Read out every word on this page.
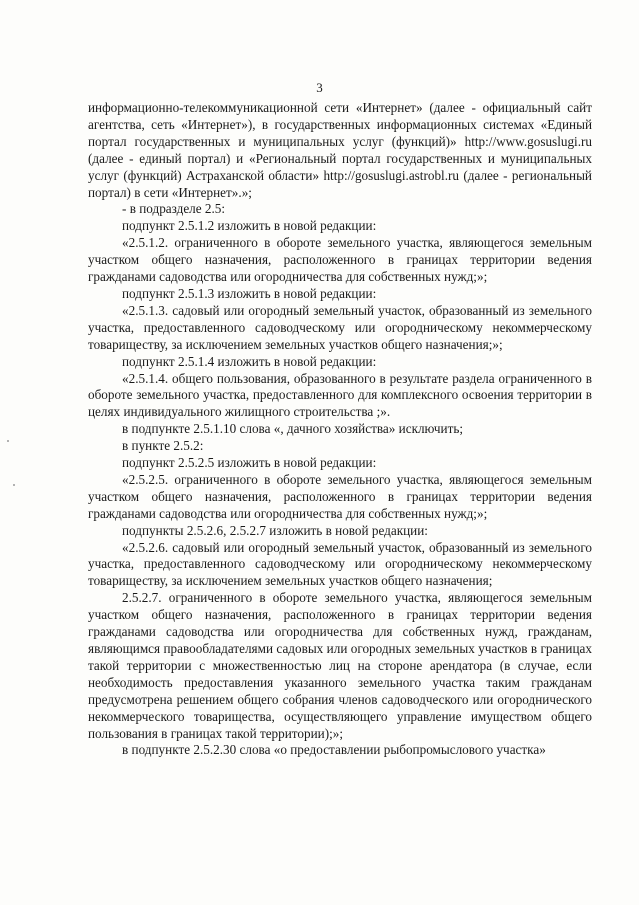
3

информационно-телекоммуникационной сети «Интернет» (далее - официальный сайт агентства, сеть «Интернет»), в государственных информационных системах «Единый портал государственных и муниципальных услуг (функций)» http://www.gosuslugi.ru (далее - единый портал) и «Региональный портал государственных и муниципальных услуг (функций) Астраханской области» http://gosuslugi.astrobl.ru (далее - региональный портал) в сети «Интернет».»;

- в подразделе 2.5:

подпункт 2.5.1.2 изложить в новой редакции:

«2.5.1.2. ограниченного в обороте земельного участка, являющегося земельным участком общего назначения, расположенного в границах территории ведения гражданами садоводства или огородничества для собственных нужд;»;

подпункт 2.5.1.3 изложить в новой редакции:

«2.5.1.3. садовый или огородный земельный участок, образованный из земельного участка, предоставленного садоводческому или огородническому некоммерческому товариществу, за исключением земельных участков общего назначения;»;

подпункт 2.5.1.4 изложить в новой редакции:

«2.5.1.4. общего пользования, образованного в результате раздела ограниченного в обороте земельного участка, предоставленного для комплексного освоения территории в целях индивидуального жилищного строительства ;».

в подпункте 2.5.1.10 слова «, дачного хозяйства» исключить;

в пункте 2.5.2:

подпункт 2.5.2.5 изложить в новой редакции:

«2.5.2.5. ограниченного в обороте земельного участка, являющегося земельным участком общего назначения, расположенного в границах территории ведения гражданами садоводства или огородничества для собственных нужд;»;

подпункты 2.5.2.6, 2.5.2.7 изложить в новой редакции:

«2.5.2.6. садовый или огородный земельный участок, образованный из земельного участка, предоставленного садоводческому или огородническому некоммерческому товариществу, за исключением земельных участков общего назначения;

2.5.2.7. ограниченного в обороте земельного участка, являющегося земельным участком общего назначения, расположенного в границах территории ведения гражданами садоводства или огородничества для собственных нужд, гражданам, являющимся правообладателями садовых или огородных земельных участков в границах такой территории с множественностью лиц на стороне арендатора (в случае, если необходимость предоставления указанного земельного участка таким гражданам предусмотрена решением общего собрания членов садоводческого или огороднического некоммерческого товарищества, осуществляющего управление имуществом общего пользования в границах такой территории);»;

в подпункте 2.5.2.30 слова «о предоставлении рыбопромыслового участка»
